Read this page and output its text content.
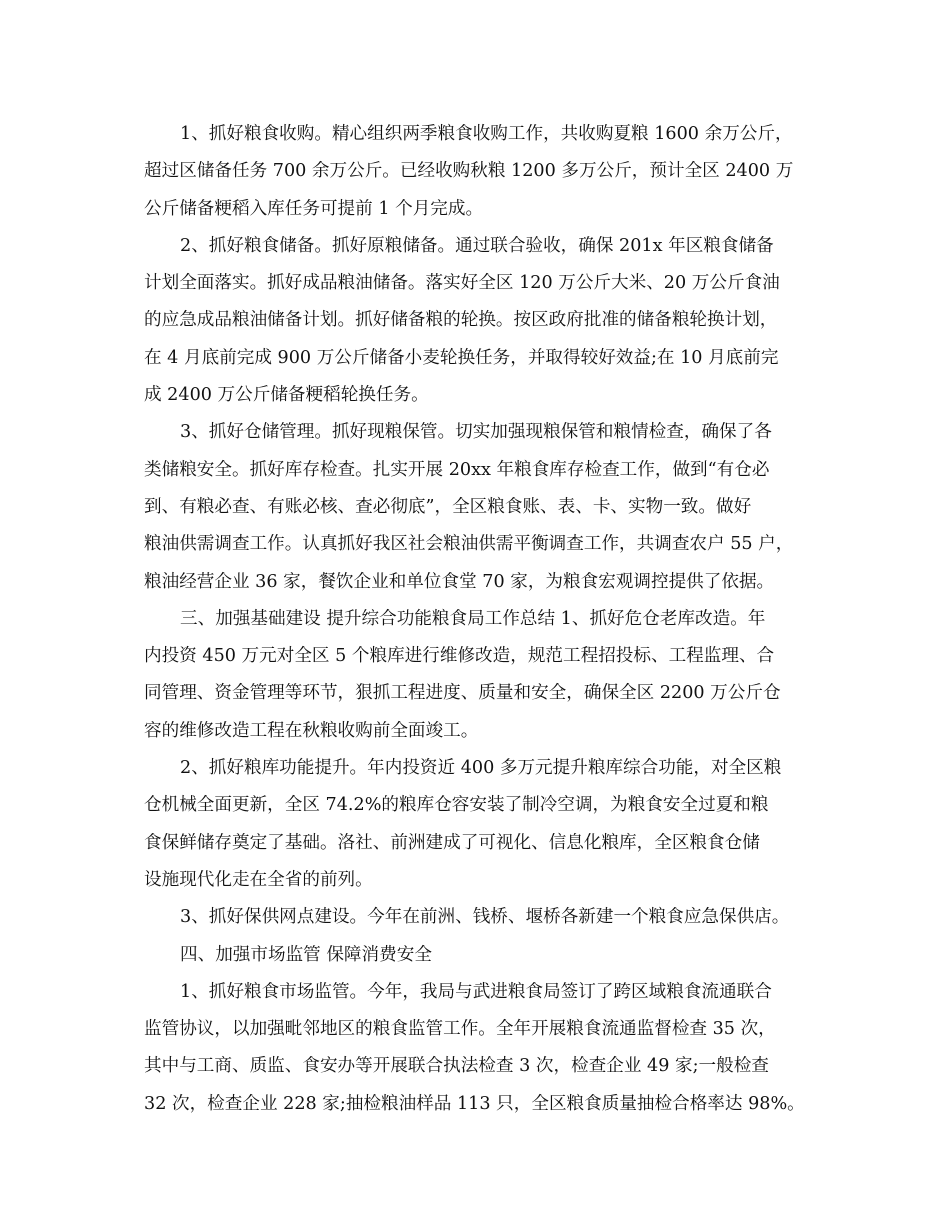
1、抓好粮食收购。精心组织两季粮食收购工作，共收购夏粮 1600 余万公斤，
超过区储备任务 700 余万公斤。已经收购秋粮 1200 多万公斤，预计全区 2400 万
公斤储备粳稻入库任务可提前 1 个月完成。
2、抓好粮食储备。抓好原粮储备。通过联合验收，确保 201x 年区粮食储备
计划全面落实。抓好成品粮油储备。落实好全区 120 万公斤大米、20 万公斤食油
的应急成品粮油储备计划。抓好储备粮的轮换。按区政府批准的储备粮轮换计划，
在 4 月底前完成 900 万公斤储备小麦轮换任务，并取得较好效益;在 10 月底前完
成 2400 万公斤储备粳稻轮换任务。
3、抓好仓储管理。抓好现粮保管。切实加强现粮保管和粮情检查，确保了各
类储粮安全。抓好库存检查。扎实开展 20xx 年粮食库存检查工作，做到“有仓必
到、有粮必查、有账必核、查必彻底”，全区粮食账、表、卡、实物一致。做好
粮油供需调查工作。认真抓好我区社会粮油供需平衡调查工作，共调查农户 55 户，
粮油经营企业 36 家，餐饮企业和单位食堂 70 家，为粮食宏观调控提供了依据。
三、加强基础建设 提升综合功能粮食局工作总结 1、抓好危仓老库改造。年
内投资 450 万元对全区 5 个粮库进行维修改造，规范工程招投标、工程监理、合
同管理、资金管理等环节，狠抓工程进度、质量和安全，确保全区 2200 万公斤仓
容的维修改造工程在秋粮收购前全面竣工。
2、抓好粮库功能提升。年内投资近 400 多万元提升粮库综合功能，对全区粮
仓机械全面更新，全区 74.2%的粮库仓容安装了制冷空调，为粮食安全过夏和粮
食保鲜储存奠定了基础。洛社、前洲建成了可视化、信息化粮库，全区粮食仓储
设施现代化走在全省的前列。
3、抓好保供网点建设。今年在前洲、钱桥、堰桥各新建一个粮食应急保供店。
四、加强市场监管 保障消费安全
1、抓好粮食市场监管。今年，我局与武进粮食局签订了跨区域粮食流通联合
监管协议，以加强毗邻地区的粮食监管工作。全年开展粮食流通监督检查 35 次，
其中与工商、质监、食安办等开展联合执法检查 3 次，检查企业 49 家;一般检查
32 次，检查企业 228 家;抽检粮油样品 113 只，全区粮食质量抽检合格率达 98%。
